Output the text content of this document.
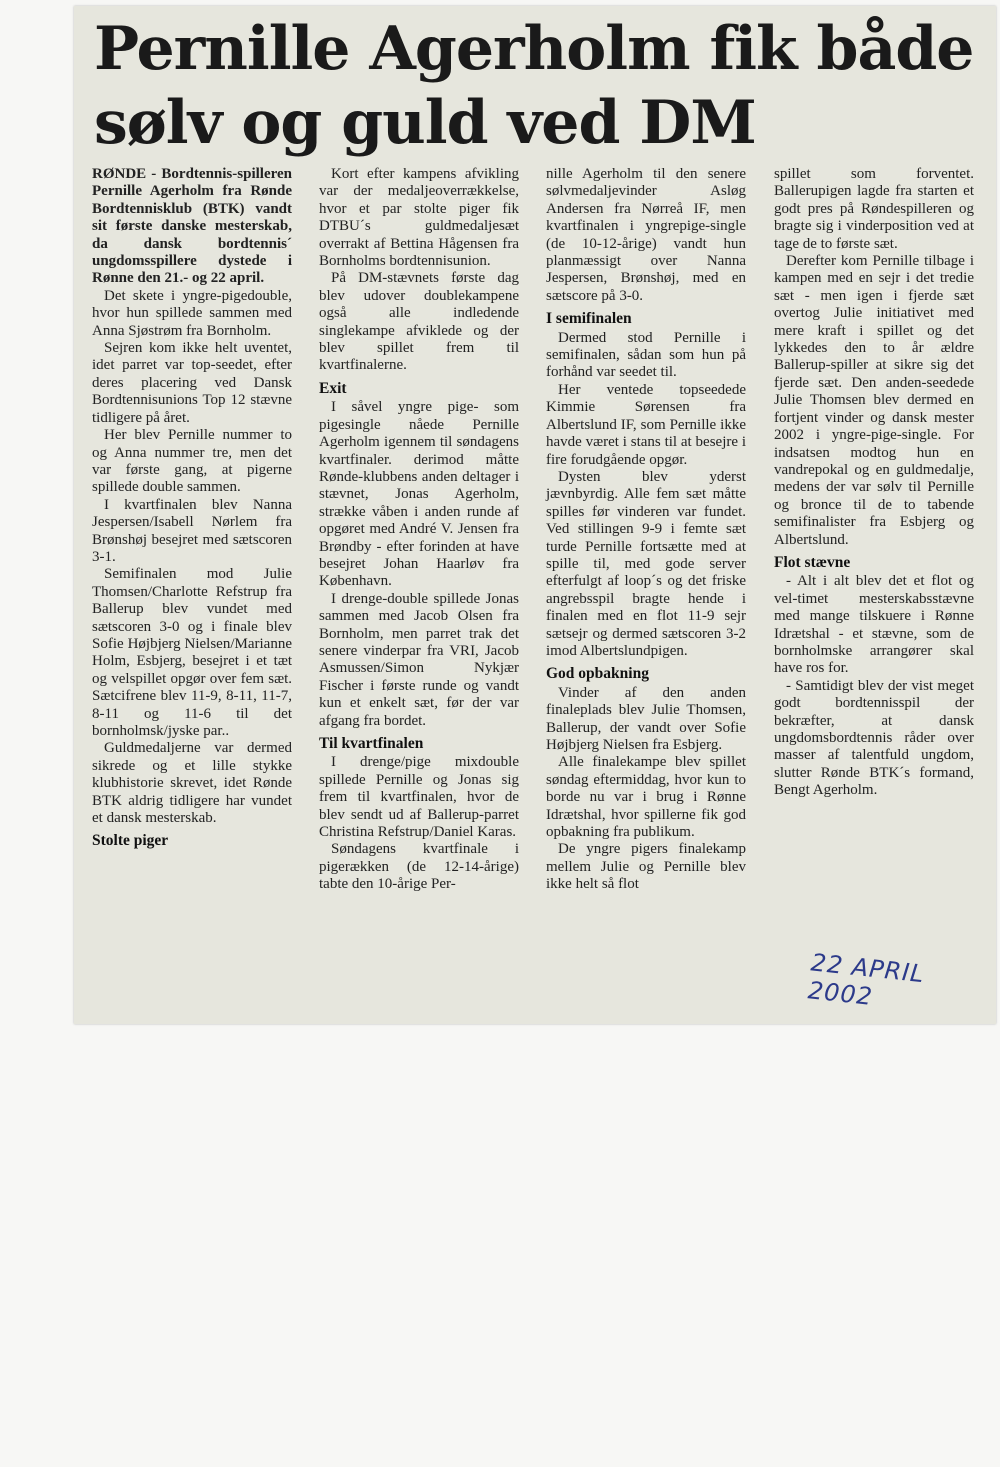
Pernille Agerholm fik både sølv og guld ved DM

RØNDE - Bordtennis-spilleren Pernille Agerholm fra Rønde Bordtennisklub (BTK) vandt sit første danske mesterskab, da dansk bordtennis´ ungdomsspillere dystede i Rønne den 21.- og 22 april.

Det skete i yngre-pigedouble, hvor hun spillede sammen med Anna Sjøstrøm fra Bornholm.

Sejren kom ikke helt uventet, idet parret var top-seedet, efter deres placering ved Dansk Bordtennisunions Top 12 stævne tidligere på året.

Her blev Pernille nummer to og Anna nummer tre, men det var første gang, at pigerne spillede double sammen.

I kvartfinalen blev Nanna Jespersen/Isabell Nørlem fra Brønshøj besejret med sætscoren 3-1.

Semifinalen mod Julie Thomsen/Charlotte Refstrup fra Ballerup blev vundet med sætscoren 3-0 og i finale blev Sofie Højbjerg Nielsen/Marianne Holm, Esbjerg, besejret i et tæt og velspillet opgør over fem sæt. Sætcifrene blev 11-9, 8-11, 11-7, 8-11 og 11-6 til det bornholmsk/jyske par..

Guldmedaljerne var dermed sikrede og et lille stykke klubhistorie skrevet, idet Rønde BTK aldrig tidligere har vundet et dansk mesterskab.

Stolte piger

Kort efter kampens afvikling var der medaljeoverrækkelse, hvor et par stolte piger fik DTBU´s guldmedaljesæt overrakt af Bettina Hågensen fra Bornholms bordtennisunion.

På DM-stævnets første dag blev udover doublekampene også alle indledende singlekampe afviklede og der blev spillet frem til kvartfinalerne.

Exit

I såvel yngre pige- som pigesingle nåede Pernille Agerholm igennem til søndagens kvartfinaler. derimod måtte Rønde-klubbens anden deltager i stævnet, Jonas Agerholm, strække våben i anden runde af opgøret med André V. Jensen fra Brøndby - efter forinden at have besejret Johan Haarløv fra København.

I drenge-double spillede Jonas sammen med Jacob Olsen fra Bornholm, men parret trak det senere vinderpar fra VRI, Jacob Asmussen/Simon Nykjær Fischer i første runde og vandt kun et enkelt sæt, før der var afgang fra bordet.

Til kvartfinalen

I drenge/pige mixdouble spillede Pernille og Jonas sig frem til kvartfinalen, hvor de blev sendt ud af Ballerup-parret Christina Refstrup/Daniel Karas.

Søndagens kvartfinale i pigerækken (de 12-14-årige) tabte den 10-årige Per-

nille Agerholm til den senere sølvmedaljevinder Asløg Andersen fra Nørreå IF, men kvartfinalen i yngrepige-single (de 10-12-årige) vandt hun planmæssigt over Nanna Jespersen, Brønshøj, med en sætscore på 3-0.

I semifinalen

Dermed stod Pernille i semifinalen, sådan som hun på forhånd var seedet til.

Her ventede topseedede Kimmie Sørensen fra Albertslund IF, som Pernille ikke havde været i stans til at besejre i fire forudgående opgør.

Dysten blev yderst jævnbyrdig. Alle fem sæt måtte spilles før vinderen var fundet. Ved stillingen 9-9 i femte sæt turde Pernille fortsætte med at spille til, med gode server efterfulgt af loop´s og det friske angrebsspil bragte hende i finalen med en flot 11-9 sejr sætsejr og dermed sætscoren 3-2 imod Albertslundpigen.

God opbakning

Vinder af den anden finaleplads blev Julie Thomsen, Ballerup, der vandt over Sofie Højbjerg Nielsen fra Esbjerg.

Alle finalekampe blev spillet søndag eftermiddag, hvor kun to borde nu var i brug i Rønne Idrætshal, hvor spillerne fik god opbakning fra publikum.

De yngre pigers finalekamp mellem Julie og Pernille blev ikke helt så flot

spillet som forventet. Ballerupigen lagde fra starten et godt pres på Røndespilleren og bragte sig i vinderposition ved at tage de to første sæt.

Derefter kom Pernille tilbage i kampen med en sejr i det tredie sæt - men igen i fjerde sæt overtog Julie initiativet med mere kraft i spillet og det lykkedes den to år ældre Ballerup-spiller at sikre sig det fjerde sæt. Den anden-seedede Julie Thomsen blev dermed en fortjent vinder og dansk mester 2002 i yngre-pige-single. For indsatsen modtog hun en vandrepokal og en guldmedalje, medens der var sølv til Pernille og bronce til de to tabende semifinalister fra Esbjerg og Albertslund.

Flot stævne

- Alt i alt blev det et flot og vel-timet mesterskabsstævne med mange tilskuere i Rønne Idrætshal - et stævne, som de bornholmske arrangører skal have ros for.

- Samtidigt blev der vist meget godt bordtennisspil der bekræfter, at dansk ungdomsbordtennis råder over masser af talentfuld ungdom, slutter Rønde BTK´s formand, Bengt Agerholm.

22 APRIL 2002
